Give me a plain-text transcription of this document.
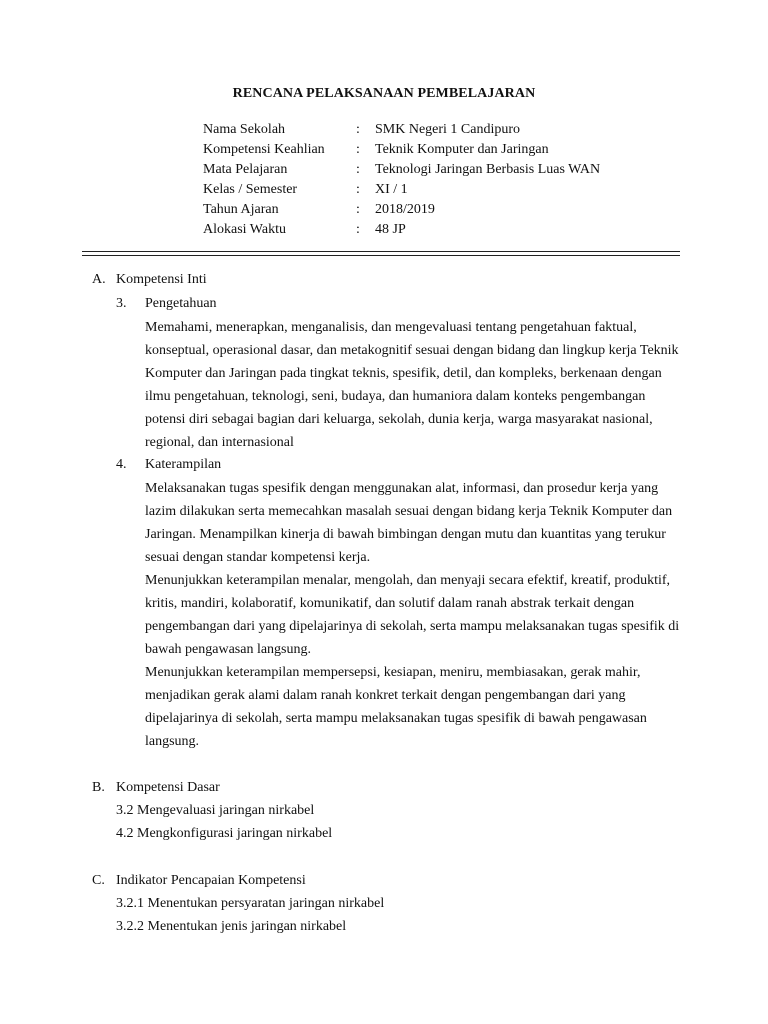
RENCANA PELAKSANAAN PEMBELAJARAN
Nama Sekolah	:	SMK Negeri 1 Candipuro
Kompetensi Keahlian	:	Teknik Komputer dan Jaringan
Mata Pelajaran	:	Teknologi Jaringan Berbasis Luas WAN
Kelas / Semester	:	XI / 1
Tahun Ajaran	:	2018/2019
Alokasi Waktu	:	48 JP
A. Kompetensi Inti
3. Pengetahuan

Memahami, menerapkan, menganalisis, dan mengevaluasi tentang pengetahuan faktual, konseptual, operasional dasar, dan metakognitif sesuai dengan bidang dan lingkup kerja Teknik Komputer dan Jaringan pada tingkat teknis, spesifik, detil, dan kompleks, berkenaan dengan ilmu pengetahuan, teknologi, seni, budaya, dan humaniora dalam konteks pengembangan potensi diri sebagai bagian dari keluarga, sekolah, dunia kerja, warga masyarakat nasional, regional, dan internasional

4. Katerampilan

Melaksanakan tugas spesifik dengan menggunakan alat, informasi, dan prosedur kerja yang lazim dilakukan serta memecahkan masalah sesuai dengan bidang kerja Teknik Komputer dan Jaringan. Menampilkan kinerja di bawah bimbingan dengan mutu dan kuantitas yang terukur sesuai dengan standar kompetensi kerja.

Menunjukkan keterampilan menalar, mengolah, dan menyaji secara efektif, kreatif, produktif, kritis, mandiri, kolaboratif, komunikatif, dan solutif dalam ranah abstrak terkait dengan pengembangan dari yang dipelajarinya di sekolah, serta mampu melaksanakan tugas spesifik di bawah pengawasan langsung.

Menunjukkan keterampilan mempersepsi, kesiapan, meniru, membiasakan, gerak mahir, menjadikan gerak alami dalam ranah konkret terkait dengan pengembangan dari yang dipelajarinya di sekolah, serta mampu melaksanakan tugas spesifik di bawah pengawasan langsung.

B. Kompetensi Dasar
3.2 Mengevaluasi jaringan nirkabel
4.2 Mengkonfigurasi jaringan nirkabel
C. Indikator Pencapaian Kompetensi
3.2.1 Menentukan persyaratan jaringan nirkabel
3.2.2 Menentukan jenis jaringan nirkabel
